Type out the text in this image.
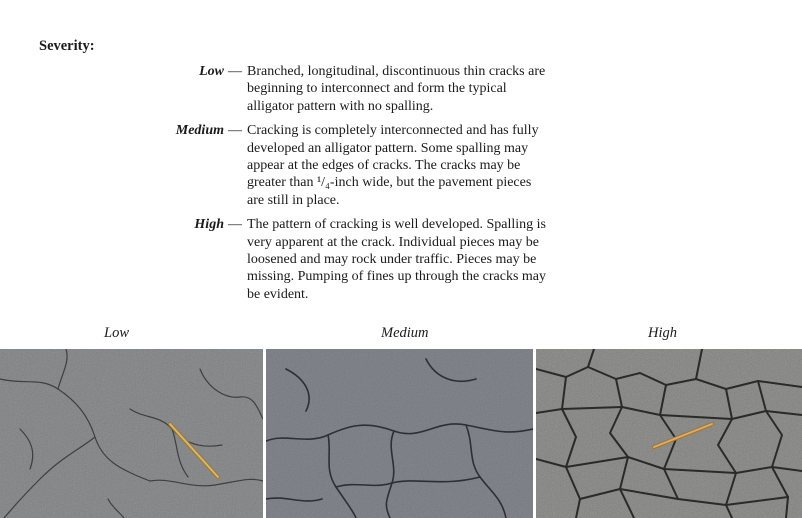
Severity:
Low — Branched, longitudinal, discontinuous thin cracks are
beginning to interconnect and form the typical
alligator pattern with no spalling.
Medium — Cracking is completely interconnected and has fully
developed an alligator pattern. Some spalling may
appear at the edges of cracks. The cracks may be
greater than ¹/₄-inch wide, but the pavement pieces
are still in place.
High — The pattern of cracking is well developed. Spalling is
very apparent at the crack. Individual pieces may be
loosened and may rock under traffic. Pieces may be
missing. Pumping of fines up through the cracks may
be evident.
Low	Medium	High
